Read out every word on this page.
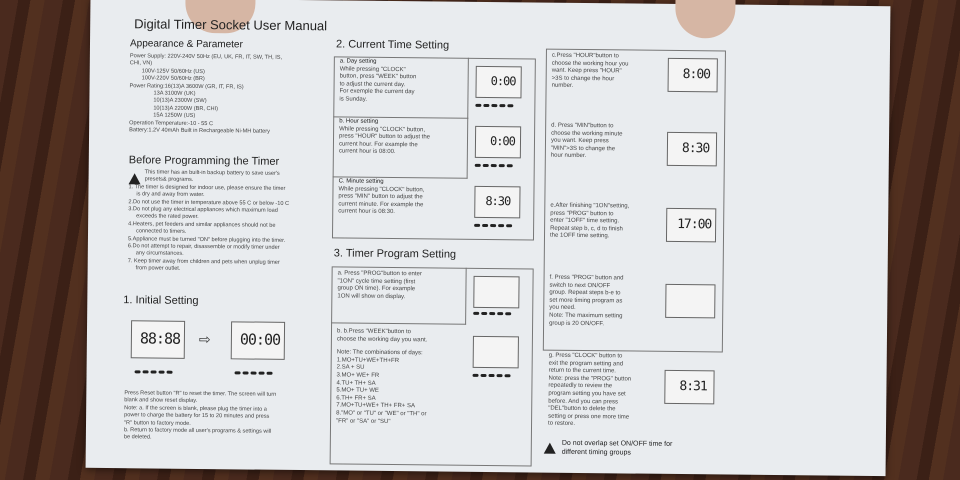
Digital Timer Socket User Manual
Appearance & Parameter
Power Supply: 220V-240V 50Hz (EU, UK, FR, IT, SW, TH, IS,
CHI, VN)
100V-125V 50/60Hz (US)
100V-220V 50/60Hz (BR)
Power Rating:16(13)A 3600W (GR, IT, FR, IS)
13A 3100W (UK)
10(13)A 2300W (SW)
10(13)A 2200W (BR, CHI)
15A 1250W (US)
Operation Temperature:-10 - 55 C
Battery:1.2V 40mAh Built in Rechargeable Ni-MH battery
Before Programming the Timer
This timer has an built-in backup battery to save user's
presets& programs.
1. The timer is designed for indoor use, please ensure the timer
is dry and away from water.
2.Do not use the timer in temperature above 55 C or below -10 C
3.Do not plug any electrical appliances which maximum load
exceeds the rated power.
4.Heaters, pet feeders and similar appliances should not be
connected to timers.
5.Appliance must be turned "ON" before plugging into the timer.
6.Do not attempt to repair, disassemble or modify timer under
any circumstances.
7. Keep timer away from children and pets when unplug timer
from power outlet.
1. Initial Setting
88:88 ⇨ 00:00
Press Reset button "R" to reset the timer. The screen will turn
blank and show reset display.
Note: a. If the screen is blank, please plug the timer into a
power to charge the battery for 15 to 20 minutes and press
"R" button to factory mode.
b. Return to factory mode all user's programs & settings will
be deleted.
2. Current Time Setting
a. Day setting
While pressing "CLOCK"
button, press "WEEK" button
to adjust the current day.
For exemple the current day
is Sunday.
0:00
b. Hour setting
While pressing "CLOCK" button,
press "HOUR" button to adjust the
current hour. For example the
current hour is 08:00.
0:00
C. Minute setting
While pressing "CLOCK" button,
press "MIN" button to adjust the
current minute. For example the
current hour is 08:30.
8:30
3. Timer Program Setting
a. Press "PROG"button to enter
"1ON" cycle time setting (first
group ON time). For example
1ON will show on display.
b. b.Press "WEEK"button to
choose the working day you want.
Note: The combinations of days:
1.MO+TU+WE+TH+FR
2.SA + SU
3.MO+ WE+ FR
4.TU+ TH+ SA
5.MO+ TU+ WE
6.TH+ FR+ SA
7.MO+TU+WE+ TH+ FR+ SA
8."MO" or "TU" or "WE" or "TH" or
"FR" or "SA" or "SU"
c.Press "HOUR"button to
choose the working hour you
want. Keep press "HOUR"
>3S to change the hour
number.
8:00
d. Press "MIN"button to
choose the working minute
you want. Keep press
"MIN">3S to change the
hour number.	8:30
e.After finishing "1ON"setting,
press "PROG" button to
enter "1OFF" time setting.
Repeat step b, c, d to finish
the 1OFF time setting.
17:00
f. Press "PROG" button and
switch to next ON/OFF
group. Repeat steps b-e to
set more timing program as
you need.
Note: The maximum setting
group is 20 ON/OFF.
g. Press "CLOCK" button to
exit the program setting and
return to the current time.
Note: press the "PROG" button
repeatedly to review the
program setting you have set
before. And you can press
"DEL"button to delete the
setting or press one more time
to restore.
8:31
Do not overlap set ON/OFF time for
different timing groups
